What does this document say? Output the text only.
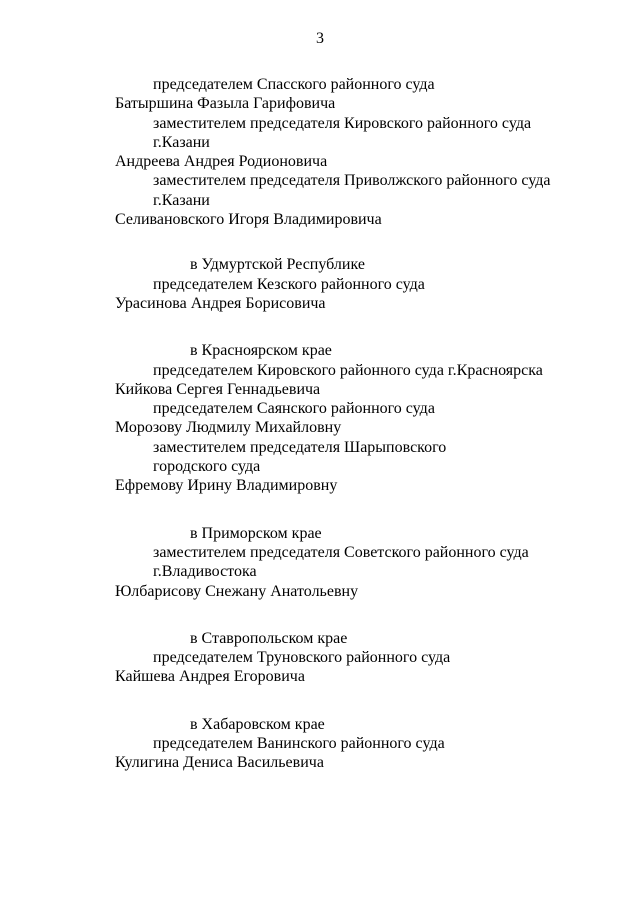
3
председателем Спасского районного суда
Батыршина Фазыла Гарифовича
заместителем председателя Кировского районного суда
г.Казани
Андреева Андрея Родионовича
заместителем председателя Приволжского районного суда
г.Казани
Селивановского Игоря Владимировича
в Удмуртской Республике
председателем Кезского районного суда
Урасинова Андрея Борисовича
в Красноярском крае
председателем Кировского районного суда г.Красноярска
Кийкова Сергея Геннадьевича
председателем Саянского районного суда
Морозову Людмилу Михайловну
заместителем председателя Шарыповского
городского суда
Ефремову Ирину Владимировну
в Приморском крае
заместителем председателя Советского районного суда
г.Владивостока
Юлбарисову Снежану Анатольевну
в Ставропольском крае
председателем Труновского районного суда
Кайшева Андрея Егоровича
в Хабаровском крае
председателем Ванинского районного суда
Кулигина Дениса Васильевича
